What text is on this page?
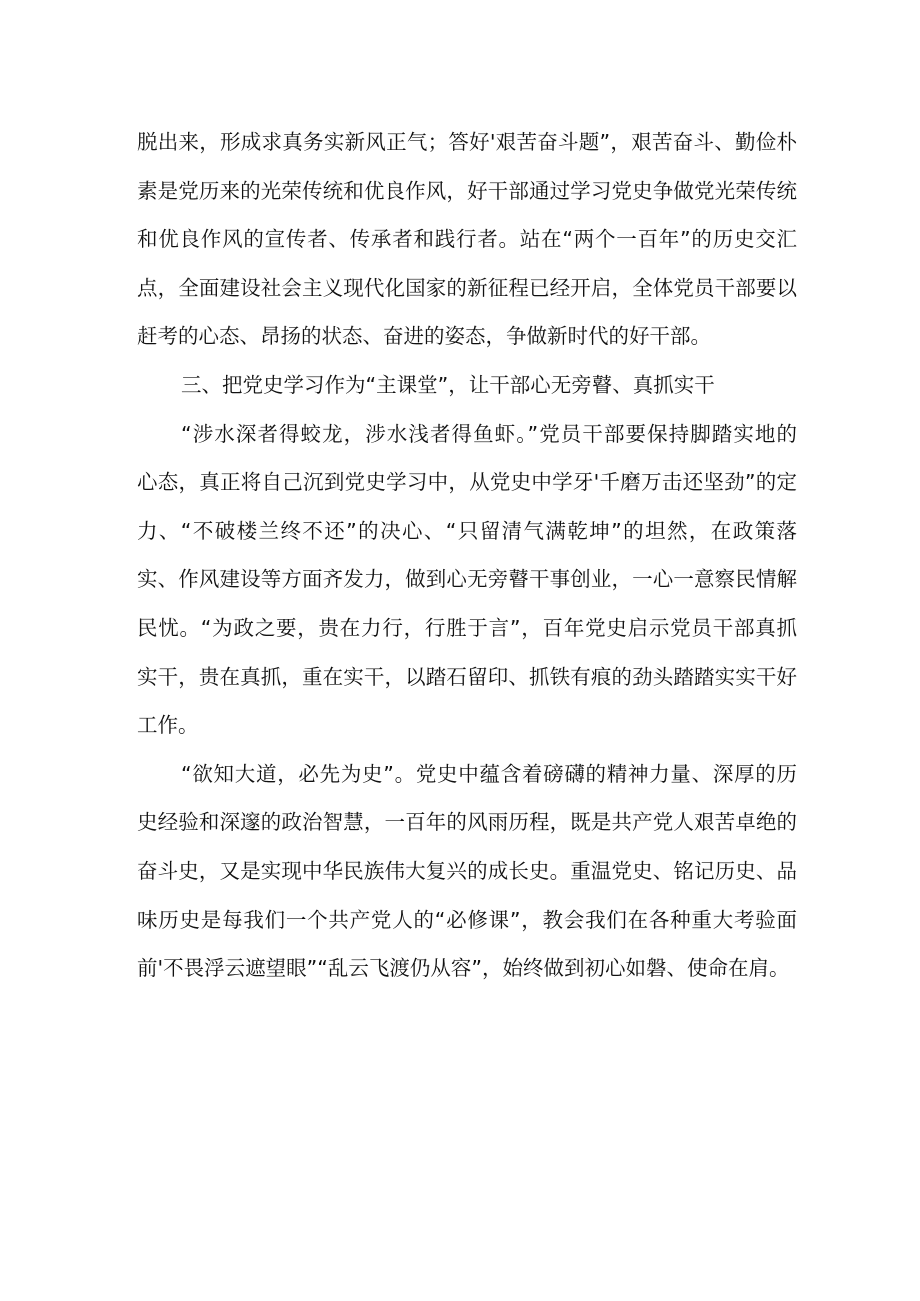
脱出来，形成求真务实新风正气；答好'艰苦奋斗题”，艰苦奋斗、勤俭朴
素是党历来的光荣传统和优良作风，好干部通过学习党史争做党光荣传统
和优良作风的宣传者、传承者和践行者。站在“两个一百年”的历史交汇
点，全面建设社会主义现代化国家的新征程已经开启，全体党员干部要以
赶考的心态、昂扬的状态、奋进的姿态，争做新时代的好干部。
三、把党史学习作为“主课堂”，让干部心无旁瞽、真抓实干
“涉水深者得蛟龙，涉水浅者得鱼虾。”党员干部要保持脚踏实地的
心态，真正将自己沉到党史学习中，从党史中学牙'千磨万击还坚劲”的定
力、“不破楼兰终不还”的决心、“只留清气满乾坤”的坦然，在政策落
实、作风建设等方面齐发力，做到心无旁瞽干事创业，一心一意察民情解
民忧。“为政之要，贵在力行，行胜于言”，百年党史启示党员干部真抓
实干，贵在真抓，重在实干，以踏石留印、抓铁有痕的劲头踏踏实实干好
工作。
“欲知大道，必先为史”。党史中蕴含着磅礴的精神力量、深厚的历
史经验和深邃的政治智慧，一百年的风雨历程，既是共产党人艰苦卓绝的
奋斗史，又是实现中华民族伟大复兴的成长史。重温党史、铭记历史、品
味历史是每我们一个共产党人的“必修课”，教会我们在各种重大考验面
前'不畏浮云遮望眼”“乱云飞渡仍从容”，始终做到初心如磐、使命在肩。
